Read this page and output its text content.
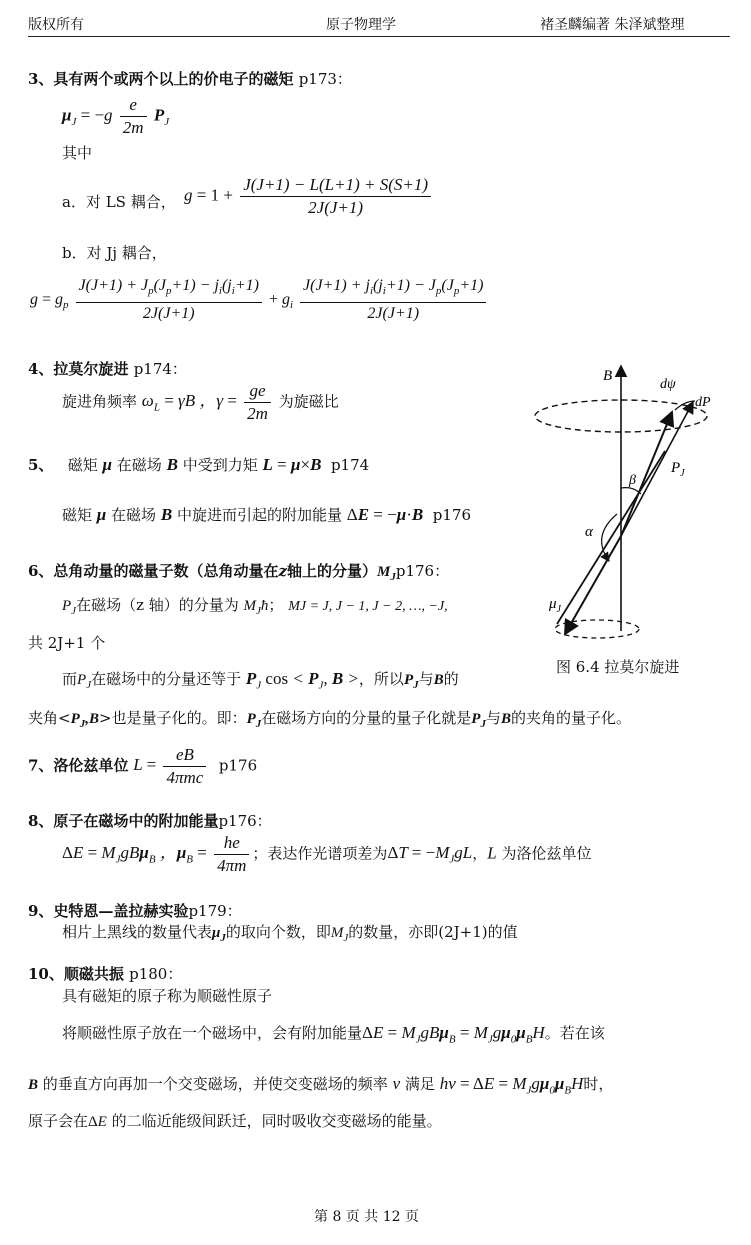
版权所有	原子物理学	褚圣麟编著 朱泽斌整理
3、具有两个或两个以上的价电子的磁矩 p173：
$\mu_J = -g \frac{e}{2m} P_J$
其中
a．对 LS 耦合， $g = 1 + \frac{J(J+1) - L(L+1) + S(S+1)}{2J(J+1)}$
b．对 Jj 耦合，
$g = g_p \frac{J(J+1) + J_p(J_p+1) - j_i(j_i+1)}{2J(J+1)} + g_i \frac{J(J+1) + j_i(j_i+1) - J_p(J_p+1)}{2J(J+1)}$
4、拉莫尔旋进 p174：
旋进角频率 $\omega_L = \gamma B$ ，$\gamma = \frac{ge}{2m}$ 为旋磁比
5、 磁矩 μ 在磁场 B 中受到力矩 L = μ×B p174
磁矩 μ 在磁场 B 中旋进而引起的附加能量 ΔE = −μ·B p176
6、总角动量的磁量子数（总角动量在z轴上的分量）$M_Jp176$：
$P_J$在磁场（z 轴）的分量为 $M_Jħ$； MJ = J, J − 1, J − 2, …, −J,
共 2J+1 个
而$P_J$在磁场中的分量还等于 $P_J$ $\cos < P_J$, B >，所以$P_J$与B的
夹角$<P_J,B>$也是量子化的。即：$P_J$在磁场方向的分量的量子化就是$P_J$与B的夹角的量子化。
7、洛伦兹单位 $L = \frac{eB}{\text{4πmc}} p176$
8、原子在磁场中的附加能量p176：
$\Delta E = M_JgB\mu_B$ ，$\mu_B = \frac{he}{4\pi m}$ ；表达作光谱项差为$\Delta T = -M_JgL$，L 为洛伦兹单位
9、史特恩—盖拉赫实验p179：
相片上黑线的数量代表$\mu_J$的取向个数，即$M_J$的数量，亦即(2J+1)的值
10、顺磁共振 p180：
具有磁矩的原子称为顺磁性原子
将顺磁性原子放在一个磁场中，会有附加能量$\Delta E = M_JgB\mu_B = M_Jg\mu_0\mu_BH$。若在该
B 的垂直方向再加一个交变磁场，并使交变磁场的频率 ν 满足 $h\nu = \Delta E = M_Jg\mu_0\mu_BH$时，
原子会在ΔE 的二临近能级间跃迁，同时吸收交变磁场的能量。
B
dψ
dP
$P_J$
β
α
$\mu_J$
图 6.4 拉莫尔旋进
第 8 页 共 12 页
